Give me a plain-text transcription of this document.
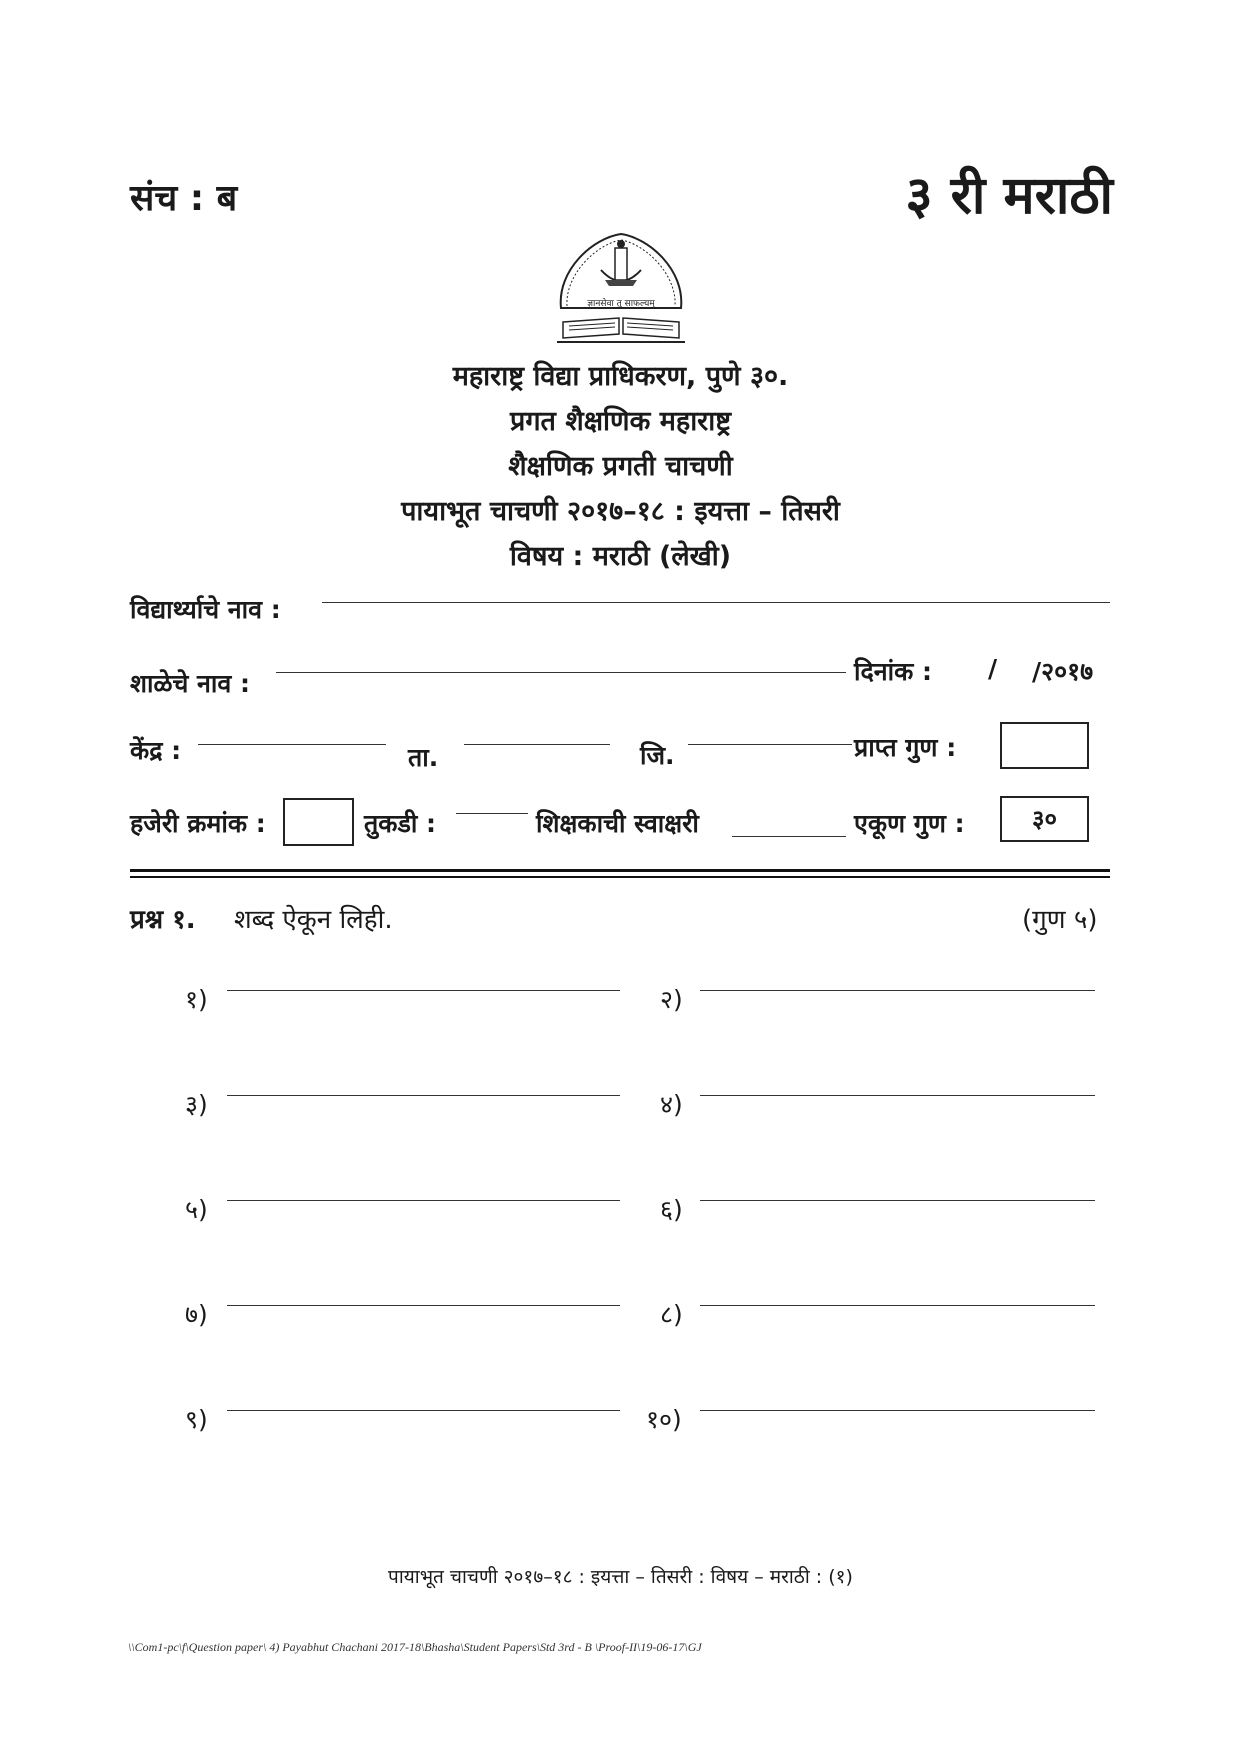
संच : ब	३ री मराठी
ज्ञानसेवा तु साफल्यम्
महाराष्ट्र विद्या प्राधिकरण, पुणे ३०.
प्रगत शैक्षणिक महाराष्ट्र
शैक्षणिक प्रगती चाचणी
पायाभूत चाचणी २०१७–१८ : इयत्ता – तिसरी
विषय : मराठी (लेखी)
विद्यार्थ्याचे नाव :
शाळेचे नाव :	दिनांक : / /२०१७
केंद्र :	ता.	जि.	प्राप्त गुण :
हजेरी क्रमांक :	तुकडी :	शिक्षकाची स्वाक्षरी	एकूण गुण :	३०
प्रश्न १. शब्द ऐकून लिही.	(गुण ५)
१)	२)
३)	४)
५)	६)
७)	८)
९)	१०)
पायाभूत चाचणी २०१७–१८ : इयत्ता – तिसरी : विषय – मराठी : (१)
\\Com1-pc\f\Question paper\ 4) Payabhut Chachani 2017-18\Bhasha\Student Papers\Std 3rd - B \Proof-II\19-06-17\GJ
